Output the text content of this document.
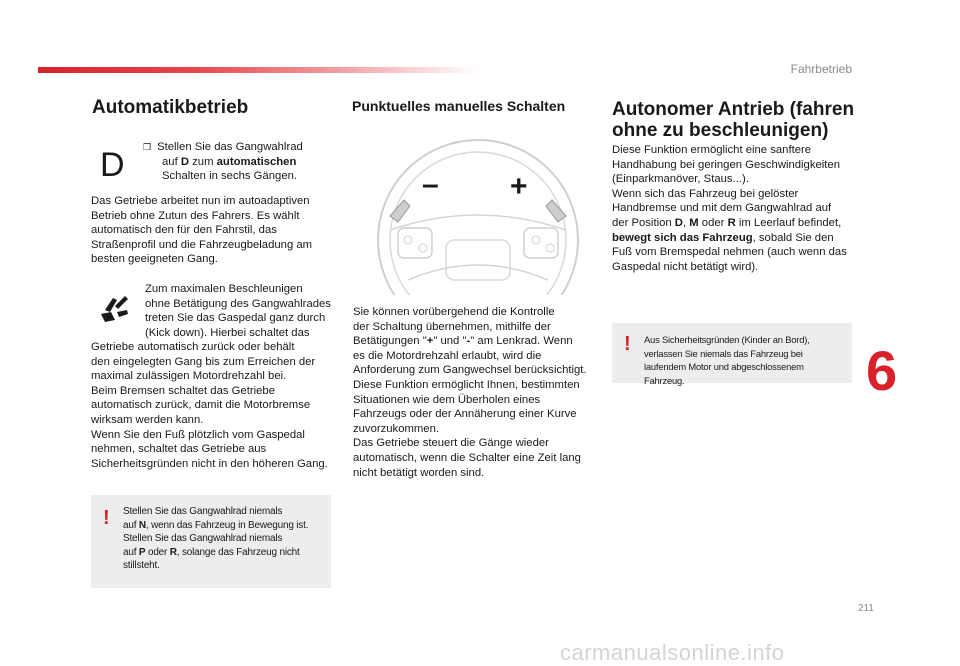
Fahrbetrieb
Automatikbetrieb
D ❒ Stellen Sie das Gangwahlrad
auf D zum automatischen
Schalten in sechs Gängen.
Das Getriebe arbeitet nun im autoadaptiven
Betrieb ohne Zutun des Fahrers. Es wählt
automatisch den für den Fahrstil, das
Straßenprofil und die Fahrzeugbeladung am
besten geeigneten Gang.
Zum maximalen Beschleunigen
ohne Betätigung des Gangwahlrades
treten Sie das Gaspedal ganz durch
(Kick down). Hierbei schaltet das
Getriebe automatisch zurück oder behält
den eingelegten Gang bis zum Erreichen der
maximal zulässigen Motordrehzahl bei.
Beim Bremsen schaltet das Getriebe
automatisch zurück, damit die Motorbremse
wirksam werden kann.
Wenn Sie den Fuß plötzlich vom Gaspedal
nehmen, schaltet das Getriebe aus
Sicherheitsgründen nicht in den höheren Gang.
! Stellen Sie das Gangwahlrad niemals
auf N, wenn das Fahrzeug in Bewegung ist.
Stellen Sie das Gangwahlrad niemals
auf P oder R, solange das Fahrzeug nicht
stillsteht.
Punktuelles manuelles Schalten
– +
Sie können vorübergehend die Kontrolle
der Schaltung übernehmen, mithilfe der
Betätigungen "+" und "-" am Lenkrad. Wenn
es die Motordrehzahl erlaubt, wird die
Anforderung zum Gangwechsel berücksichtigt.
Diese Funktion ermöglicht Ihnen, bestimmten
Situationen wie dem Überholen eines
Fahrzeugs oder der Annäherung einer Kurve
zuvorzukommen.
Das Getriebe steuert die Gänge wieder
automatisch, wenn die Schalter eine Zeit lang
nicht betätigt worden sind.
Autonomer Antrieb (fahren
ohne zu beschleunigen)
Diese Funktion ermöglicht eine sanftere
Handhabung bei geringen Geschwindigkeiten
(Einparkmanöver, Staus...).
Wenn sich das Fahrzeug bei gelöster
Handbremse und mit dem Gangwahlrad auf
der Position D, M oder R im Leerlauf befindet,
bewegt sich das Fahrzeug, sobald Sie den
Fuß vom Bremspedal nehmen (auch wenn das
Gaspedal nicht betätigt wird).
! Aus Sicherheitsgründen (Kinder an Bord),
verlassen Sie niemals das Fahrzeug bei
laufendem Motor und abgeschlossenem Fahrzeug.	6
211
carmanualsonline.info
